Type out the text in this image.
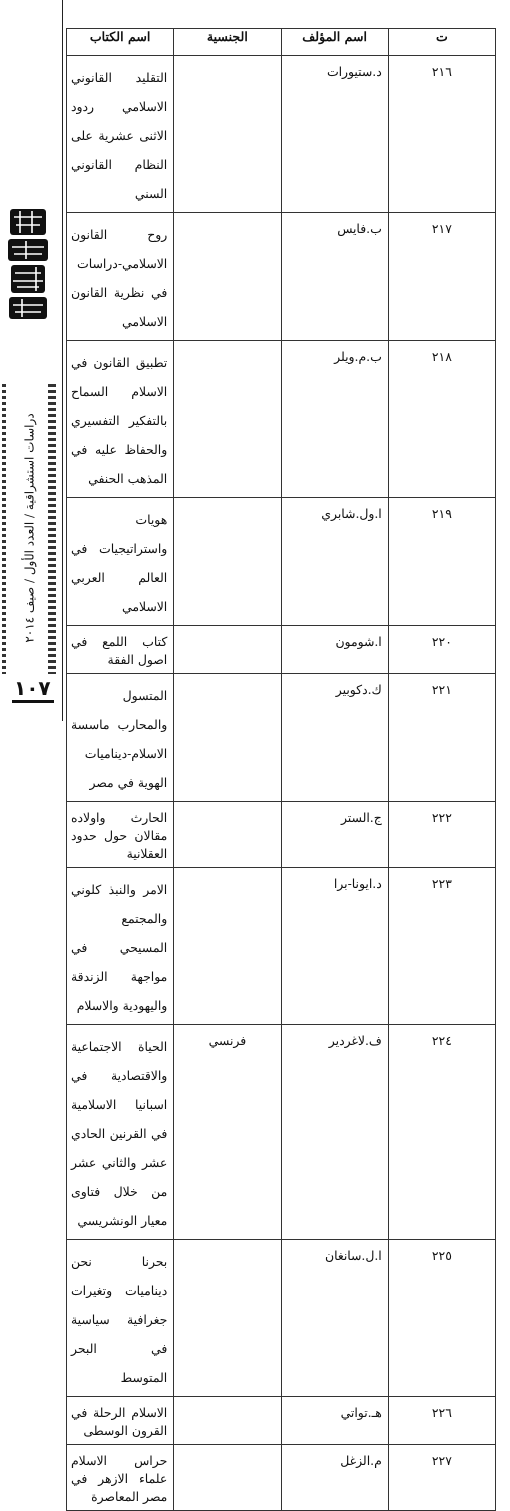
دراسات استشراقية / العدد الأول / صيف ٢٠١٤
١٠٧
ت	اسم المؤلف	الجنسية	اسم الكتاب
٢١٦	د.ستيورات		التقليد القانوني الاسلامي ردود الاثنى عشرية على النظام القانوني السني
٢١٧	ب.فايس		روح القانون الاسلامي-دراسات في نظرية القانون الاسلامي
٢١٨	ب.م.ويلر		تطبيق القانون في الاسلام السماح بالتفكير التفسيري والحفاظ عليه في المذهب الحنفي
٢١٩	ا.ول.شابري		هويات واستراتيجيات في العالم العربي الاسلامي
٢٢٠	ا.شومون		كتاب اللمع في اصول الفقة
٢٢١	ك.دكوبير		المتسول والمحارب ماسسة الاسلام-ديناميات الهوية في مصر
٢٢٢	ج.الستر		الحارث واولاده مقالان حول حدود العقلانية
٢٢٣	د.ايونا-برا		الامر والنبذ كلوني والمجتمع المسيحي في مواجهة الزندقة واليهودية والاسلام
٢٢٤	ف.لاغردير	فرنسي	الحياة الاجتماعية والاقتصادية في اسبانيا الاسلامية في القرنين الحادي عشر والثاني عشر من خلال فتاوى معيار الونشريسي
٢٢٥	ا.ل.سانغان		بحرنا نحن ديناميات وتغيرات جغرافية سياسية في البحر المتوسط
٢٢٦	هـ.تواتي		الاسلام الرحلة في القرون الوسطى
٢٢٧	م.الزغل		حراس الاسلام علماء الازهر في مصر المعاصرة
